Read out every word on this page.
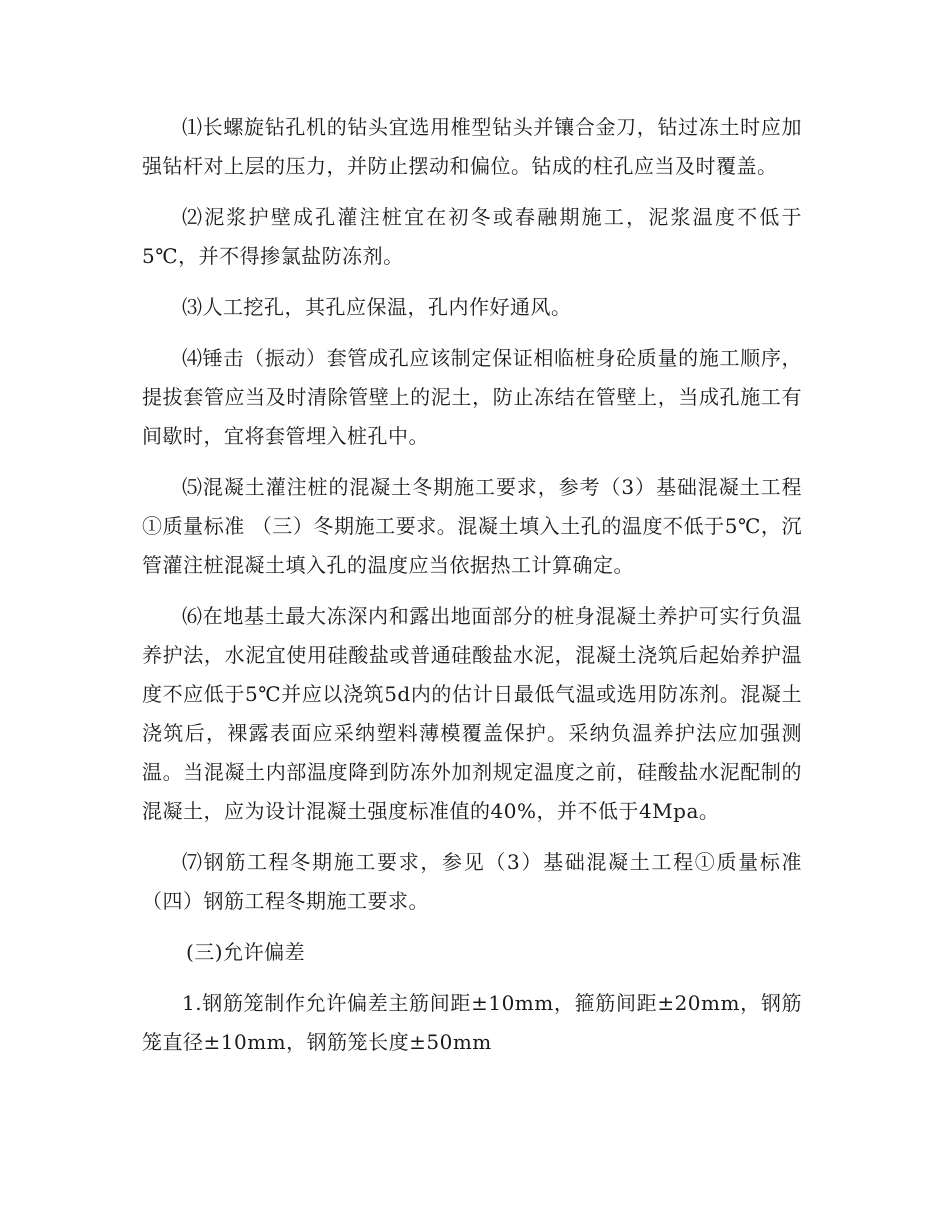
⑴长螺旋钻孔机的钻头宜选用椎型钻头并镶合金刀，钻过冻土时应加强钻杆对上层的压力，并防止摆动和偏位。钻成的柱孔应当及时覆盖。

⑵泥浆护壁成孔灌注桩宜在初冬或春融期施工，泥浆温度不低于5℃，并不得掺氯盐防冻剂。

⑶人工挖孔，其孔应保温，孔内作好通风。

⑷锤击（振动）套管成孔应该制定保证相临桩身砼质量的施工顺序，提拔套管应当及时清除管壁上的泥土，防止冻结在管壁上，当成孔施工有间歇时，宜将套管埋入桩孔中。

⑸混凝土灌注桩的混凝土冬期施工要求，参考（3）基础混凝土工程①质量标准 （三）冬期施工要求。混凝土填入土孔的温度不低于5℃，沉管灌注桩混凝土填入孔的温度应当依据热工计算确定。

⑹在地基土最大冻深内和露出地面部分的桩身混凝土养护可实行负温养护法，水泥宜使用硅酸盐或普通硅酸盐水泥，混凝土浇筑后起始养护温度不应低于5℃并应以浇筑5d内的估计日最低气温或选用防冻剂。混凝土浇筑后，裸露表面应采纳塑料薄模覆盖保护。采纳负温养护法应加强测温。当混凝土内部温度降到防冻外加剂规定温度之前，硅酸盐水泥配制的混凝土，应为设计混凝土强度标准值的40%，并不低于4Mpa。

⑺钢筋工程冬期施工要求，参见（3）基础混凝土工程①质量标准（四）钢筋工程冬期施工要求。

(三)允许偏差

1.钢筋笼制作允许偏差主筋间距±10mm，箍筋间距±20mm，钢筋笼直径±10mm，钢筋笼长度±50mm
